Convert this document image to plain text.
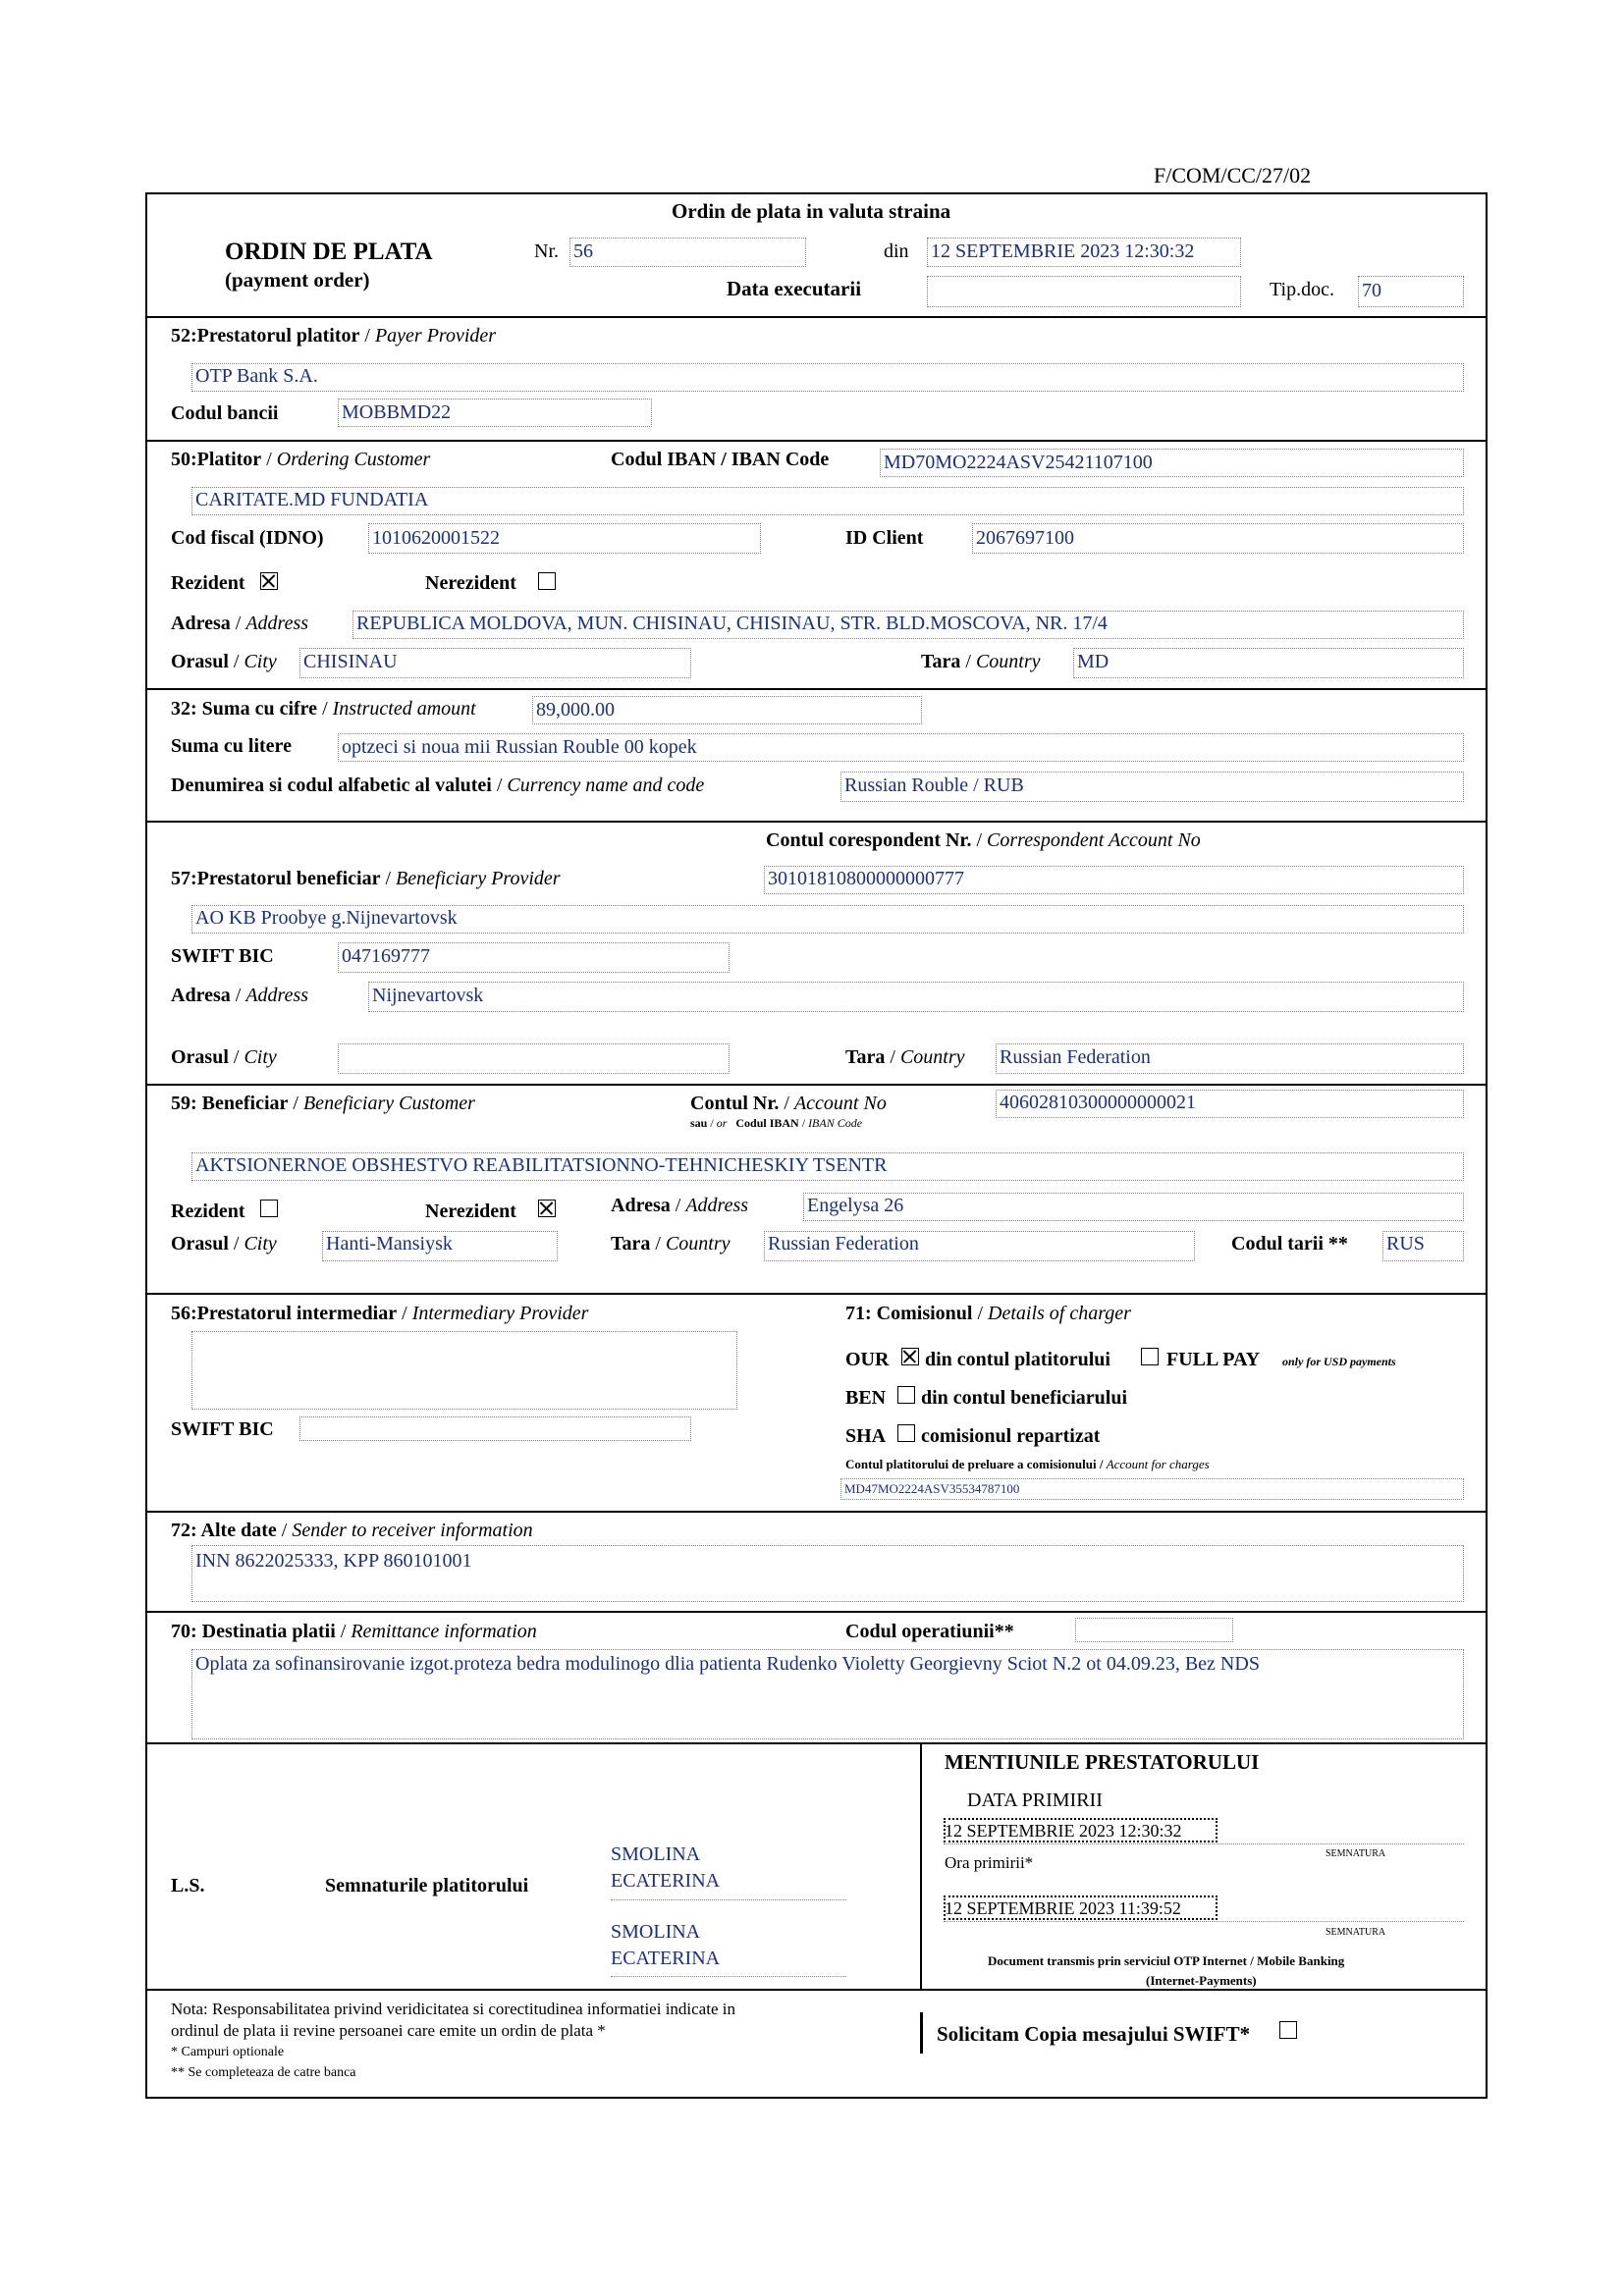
F/COM/CC/27/02
Ordin de plata in valuta straina
ORDIN DE PLATA
(payment order)
Nr. 56	din 12 SEPTEMBRIE 2023 12:30:32
Data executarii	Tip.doc. 70
52:Prestatorul platitor / Payer Provider
OTP Bank S.A.
Codul bancii	MOBBMD22
50:Platitor / Ordering Customer	Codul IBAN / IBAN Code	MD70MO2224ASV25421107100
CARITATE.MD FUNDATIA
Cod fiscal (IDNO) 1010620001522	ID Client	2067697100
Rezident	Nerezident
Adresa / Address REPUBLICA MOLDOVA, MUN. CHISINAU, CHISINAU, STR. BLD.MOSCOVA, NR. 17/4
Orasul / City CHISINAU	Tara / Country MD
32: Suma cu cifre / Instructed amount	89,000.00
Suma cu litere	optzeci si noua mii Russian Rouble 00 kopek
Denumirea si codul alfabetic al valutei / Currency name and code	Russian Rouble / RUB
Contul corespondent Nr. / Correspondent Account No
57:Prestatorul beneficiar / Beneficiary Provider	30101810800000000777
AO KB Proobye g.Nijnevartovsk
SWIFT BIC	047169777
Adresa / Address	Nijnevartovsk
Orasul / City	Tara / Country Russian Federation
59: Beneficiar / Beneficiary Customer	Contul Nr. / Account No
sau / or Codul IBAN / IBAN Code
40602810300000000021
AKTSIONERNOE OBSHESTVO REABILITATSIONNO-TEHNICHESKIY TSENTR
Rezident	Nerezident	Adresa / Address	Engelysa 26
Orasul / City	Hanti-Mansiysk	Tara / Country Russian Federation	Codul tarii ** RUS
56:Prestatorul intermediar / Intermediary Provider
SWIFT BIC
71: Comisionul / Details of charger
OUR din contul platitorului	FULL PAY only for USD payments
BEN din contul beneficiarului
SHA comisionul repartizat
Contul platitorului de preluare a comisionului / Account for charges
MD47MO2224ASV35534787100
72: Alte date / Sender to receiver information
INN 8622025333, KPP 860101001
70: Destinatia platii / Remittance information	Codul operatiunii**
Oplata za sofinansirovanie izgot.proteza bedra modulinogo dlia patienta Rudenko Violetty Georgievny Sciot N.2 ot 04.09.23, Bez NDS
L.S.	Semnaturile platitorului
SMOLINA
ECATERINA
SMOLINA
ECATERINA
MENTIUNILE PRESTATORULUI
DATA PRIMIRII
12 SEPTEMBRIE 2023 12:30:32
Ora primirii*	SEMNATURA
12 SEPTEMBRIE 2023 11:39:52
SEMNATURA
Document transmis prin serviciul OTP Internet / Mobile Banking
(Internet-Payments)
Nota: Responsabilitatea privind veridicitatea si corectitudinea informatiei indicate in
ordinul de plata ii revine persoanei care emite un ordin de plata *
* Campuri optionale
** Se completeaza de catre banca
Solicitam Copia mesajului SWIFT*
